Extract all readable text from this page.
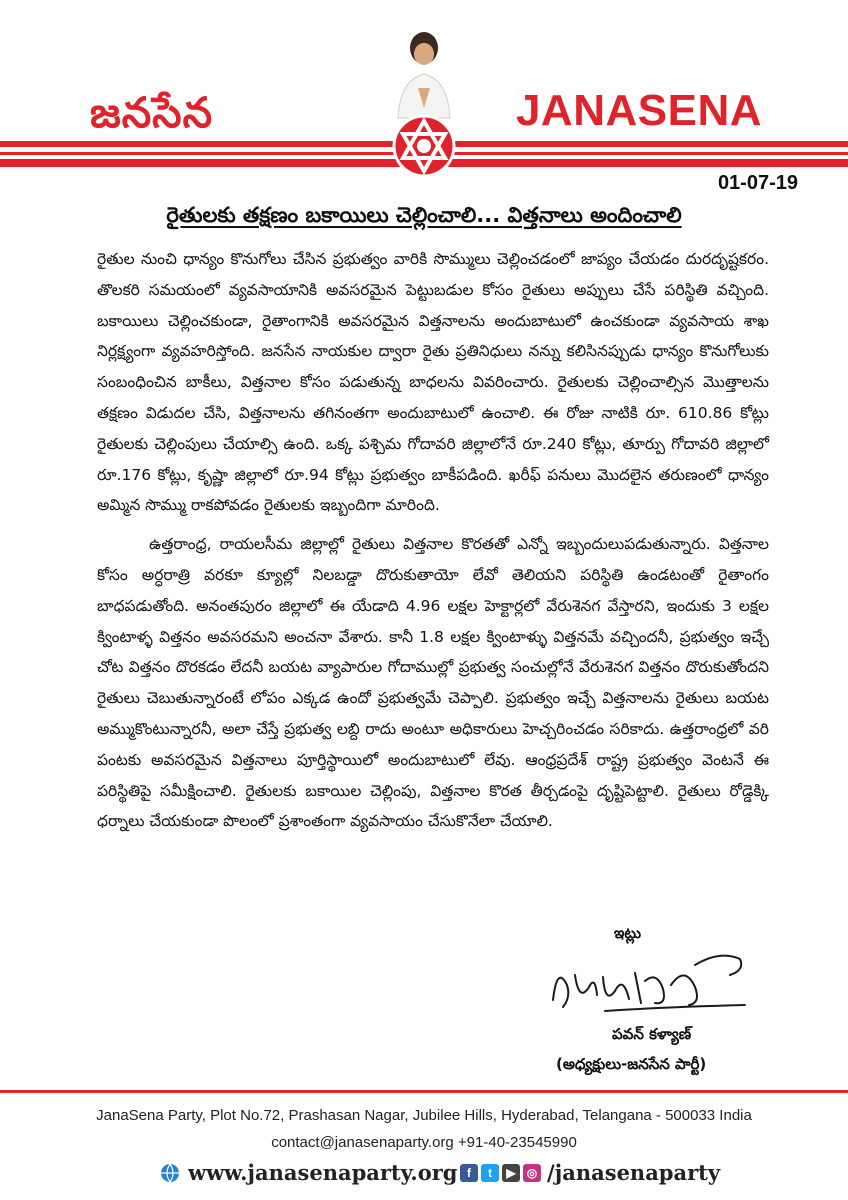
జనసేన	JANASENA
01-07-19
రైతులకు తక్షణం బకాయిలు చెల్లించాలి... విత్తనాలు అందించాలి

రైతుల నుంచి ధాన్యం కొనుగోలు చేసిన ప్రభుత్వం వారికి సొమ్ములు చెల్లించడంలో జాప్యం చేయడం దురదృష్టకరం. తొలకరి సమయంలో వ్యవసాయానికి అవసరమైన పెట్టుబడుల కోసం రైతులు అప్పులు చేసే పరిస్థితి వచ్చింది. బకాయిలు చెల్లించకుండా, రైతాంగానికి అవసరమైన విత్తనాలను అందుబాటులో ఉంచకుండా వ్యవసాయ శాఖ నిర్లక్ష్యంగా వ్యవహరిస్తోంది. జనసేన నాయకుల ద్వారా రైతు ప్రతినిధులు నన్ను కలిసినప్పుడు ధాన్యం కొనుగోలుకు సంబంధించిన బాకీలు, విత్తనాల కోసం పడుతున్న బాధలను వివరించారు. రైతులకు చెల్లించాల్సిన మొత్తాలను తక్షణం విడుదల చేసి, విత్తనాలను తగినంతగా అందుబాటులో ఉంచాలి. ఈ రోజు నాటికి రూ. 610.86 కోట్లు రైతులకు చెల్లింపులు చేయాల్సి ఉంది. ఒక్క పశ్చిమ గోదావరి జిల్లాలోనే రూ.240 కోట్లు, తూర్పు గోదావరి జిల్లాలో రూ.176 కోట్లు, కృష్ణా జిల్లాలో రూ.94 కోట్లు ప్రభుత్వం బాకీపడింది. ఖరీఫ్ పనులు మొదలైన తరుణంలో ధాన్యం అమ్మిన సొమ్ము రాకపోవడం రైతులకు ఇబ్బందిగా మారింది.

ఉత్తరాంధ్ర, రాయలసీమ జిల్లాల్లో రైతులు విత్తనాల కొరతతో ఎన్నో ఇబ్బందులుపడుతున్నారు. విత్తనాల కోసం అర్ధరాత్రి వరకూ క్యూల్లో నిలబడ్డా దొరుకుతాయో లేవో తెలియని పరిస్థితి ఉండటంతో రైతాంగం బాధపడుతోంది. అనంతపురం జిల్లాలో ఈ యేడాది 4.96 లక్షల హెక్టార్లలో వేరుశెనగ వేస్తారని, ఇందుకు 3 లక్షల క్వింటాళ్ళ విత్తనం అవసరమని అంచనా వేశారు. కానీ 1.8 లక్షల క్వింటాళ్ళు విత్తనమే వచ్చిందనీ, ప్రభుత్వం ఇచ్చే చోట విత్తనం దొరకడం లేదనీ బయట వ్యాపారుల గోదాముల్లో ప్రభుత్వ సంచుల్లోనే వేరుశెనగ విత్తనం దొరుకుతోందని రైతులు చెబుతున్నారంటే లోపం ఎక్కడ ఉందో ప్రభుత్వమే చెప్పాలి. ప్రభుత్వం ఇచ్చే విత్తనాలను రైతులు బయట అమ్ముకొంటున్నారనీ, అలా చేస్తే ప్రభుత్వ లబ్ది రాదు అంటూ అధికారులు హెచ్చరించడం సరికాదు. ఉత్తరాంధ్రలో వరి పంటకు అవసరమైన విత్తనాలు పూర్తిస్థాయిలో అందుబాటులో లేవు. ఆంధ్రప్రదేశ్ రాష్ట్ర ప్రభుత్వం వెంటనే ఈ పరిస్థితిపై సమీక్షించాలి. రైతులకు బకాయిల చెల్లింపు, విత్తనాల కొరత తీర్చడంపై దృష్టిపెట్టాలి. రైతులు రోడ్డెక్కి ధర్నాలు చేయకుండా పొలంలో ప్రశాంతంగా వ్యవసాయం చేసుకొనేలా చేయాలి.

ఇట్లు
పవన్ కళ్యాణ్
(అధ్యక్షులు-జనసేన పార్టీ)
JanaSena Party, Plot No.72, Prashasan Nagar, Jubilee Hills, Hyderabad, Telangana - 500033 India
contact@janasenaparty.org +91-40-23545990
www.janasenaparty.org f	t	▶ ◎ /janasenaparty
